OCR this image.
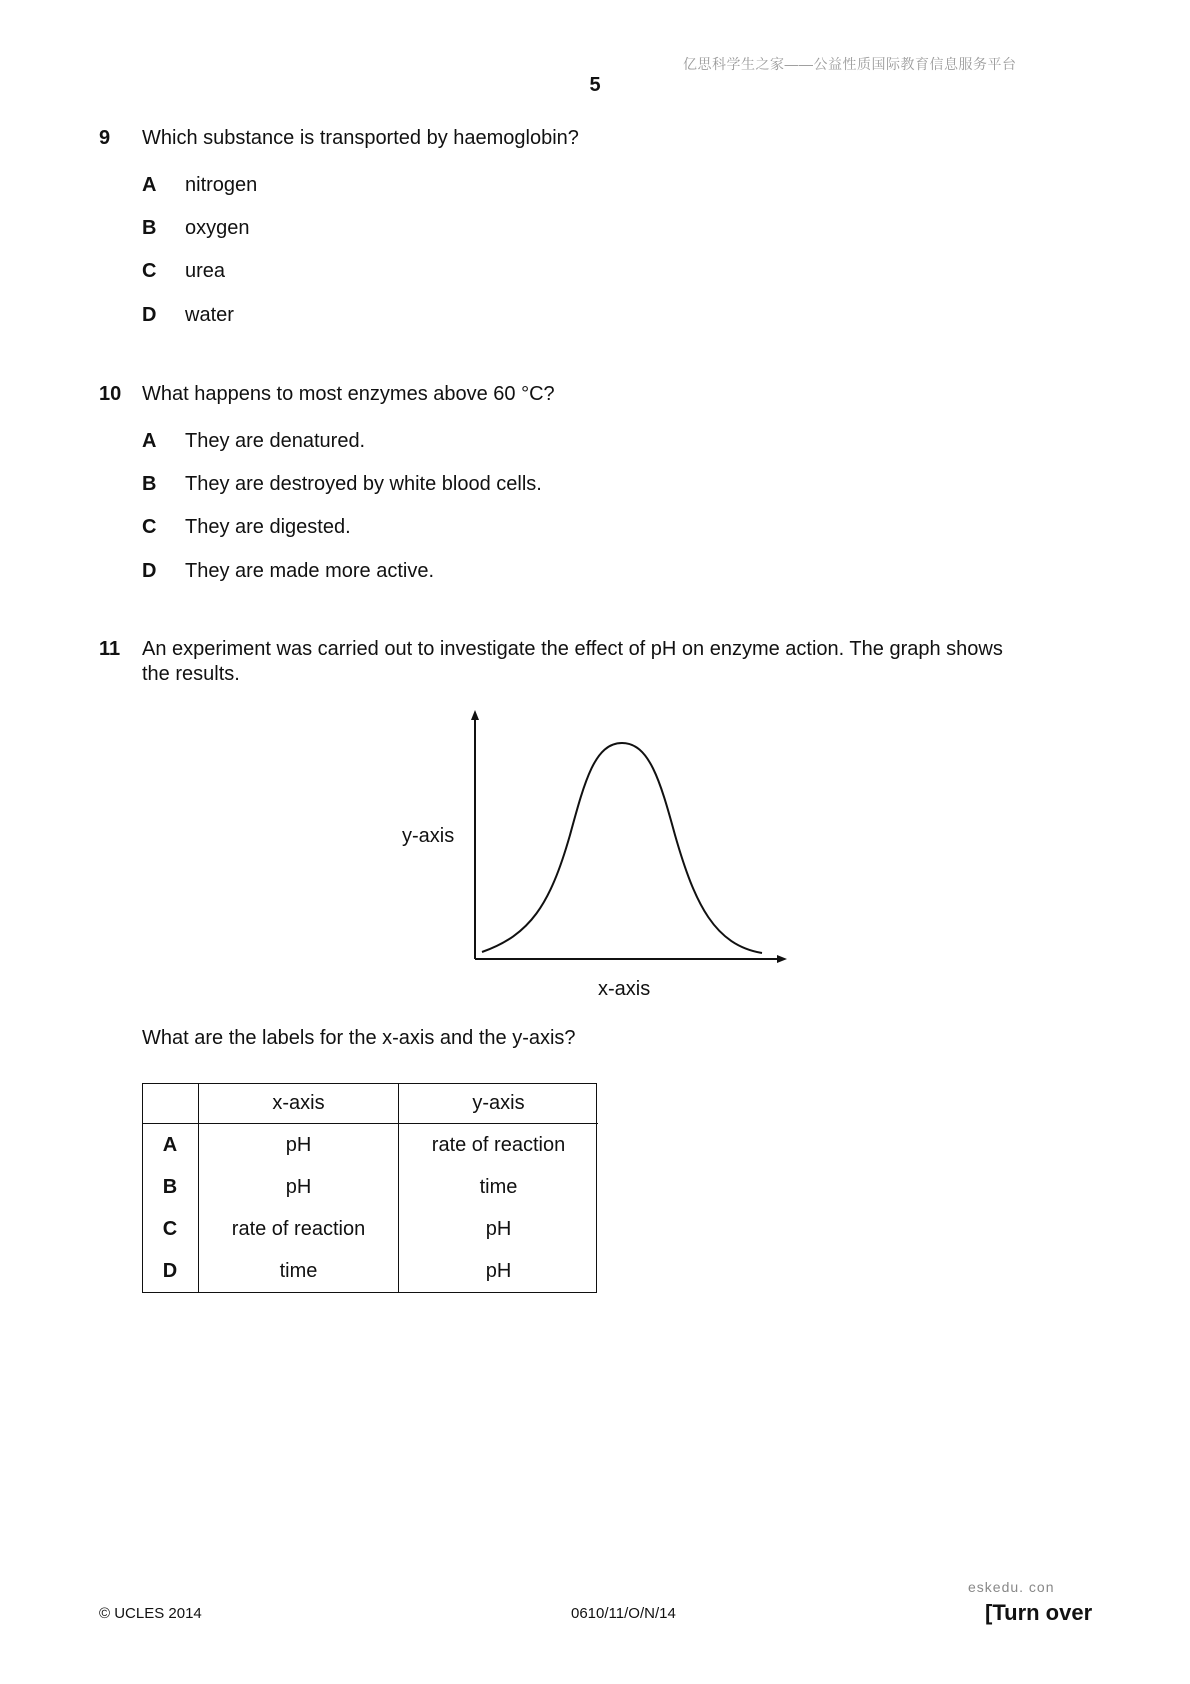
亿思科学生之家——公益性质国际教育信息服务平台
5
9 Which substance is transported by haemoglobin?
A nitrogen
B oxygen
C urea
D water
10 What happens to most enzymes above 60 °C?
A They are denatured.
B They are destroyed by white blood cells.
C They are digested.
D They are made more active.
11 An experiment was carried out to investigate the effect of pH on enzyme action. The graph shows
the results.
y-axis
x-axis
What are the labels for the x-axis and the y-axis?
	x-axis	y-axis
A	pH	rate of reaction
B	pH	time
C	rate of reaction	pH
D	time	pH
eskedu. con
© UCLES 2014	0610/11/O/N/14	[Turn over
